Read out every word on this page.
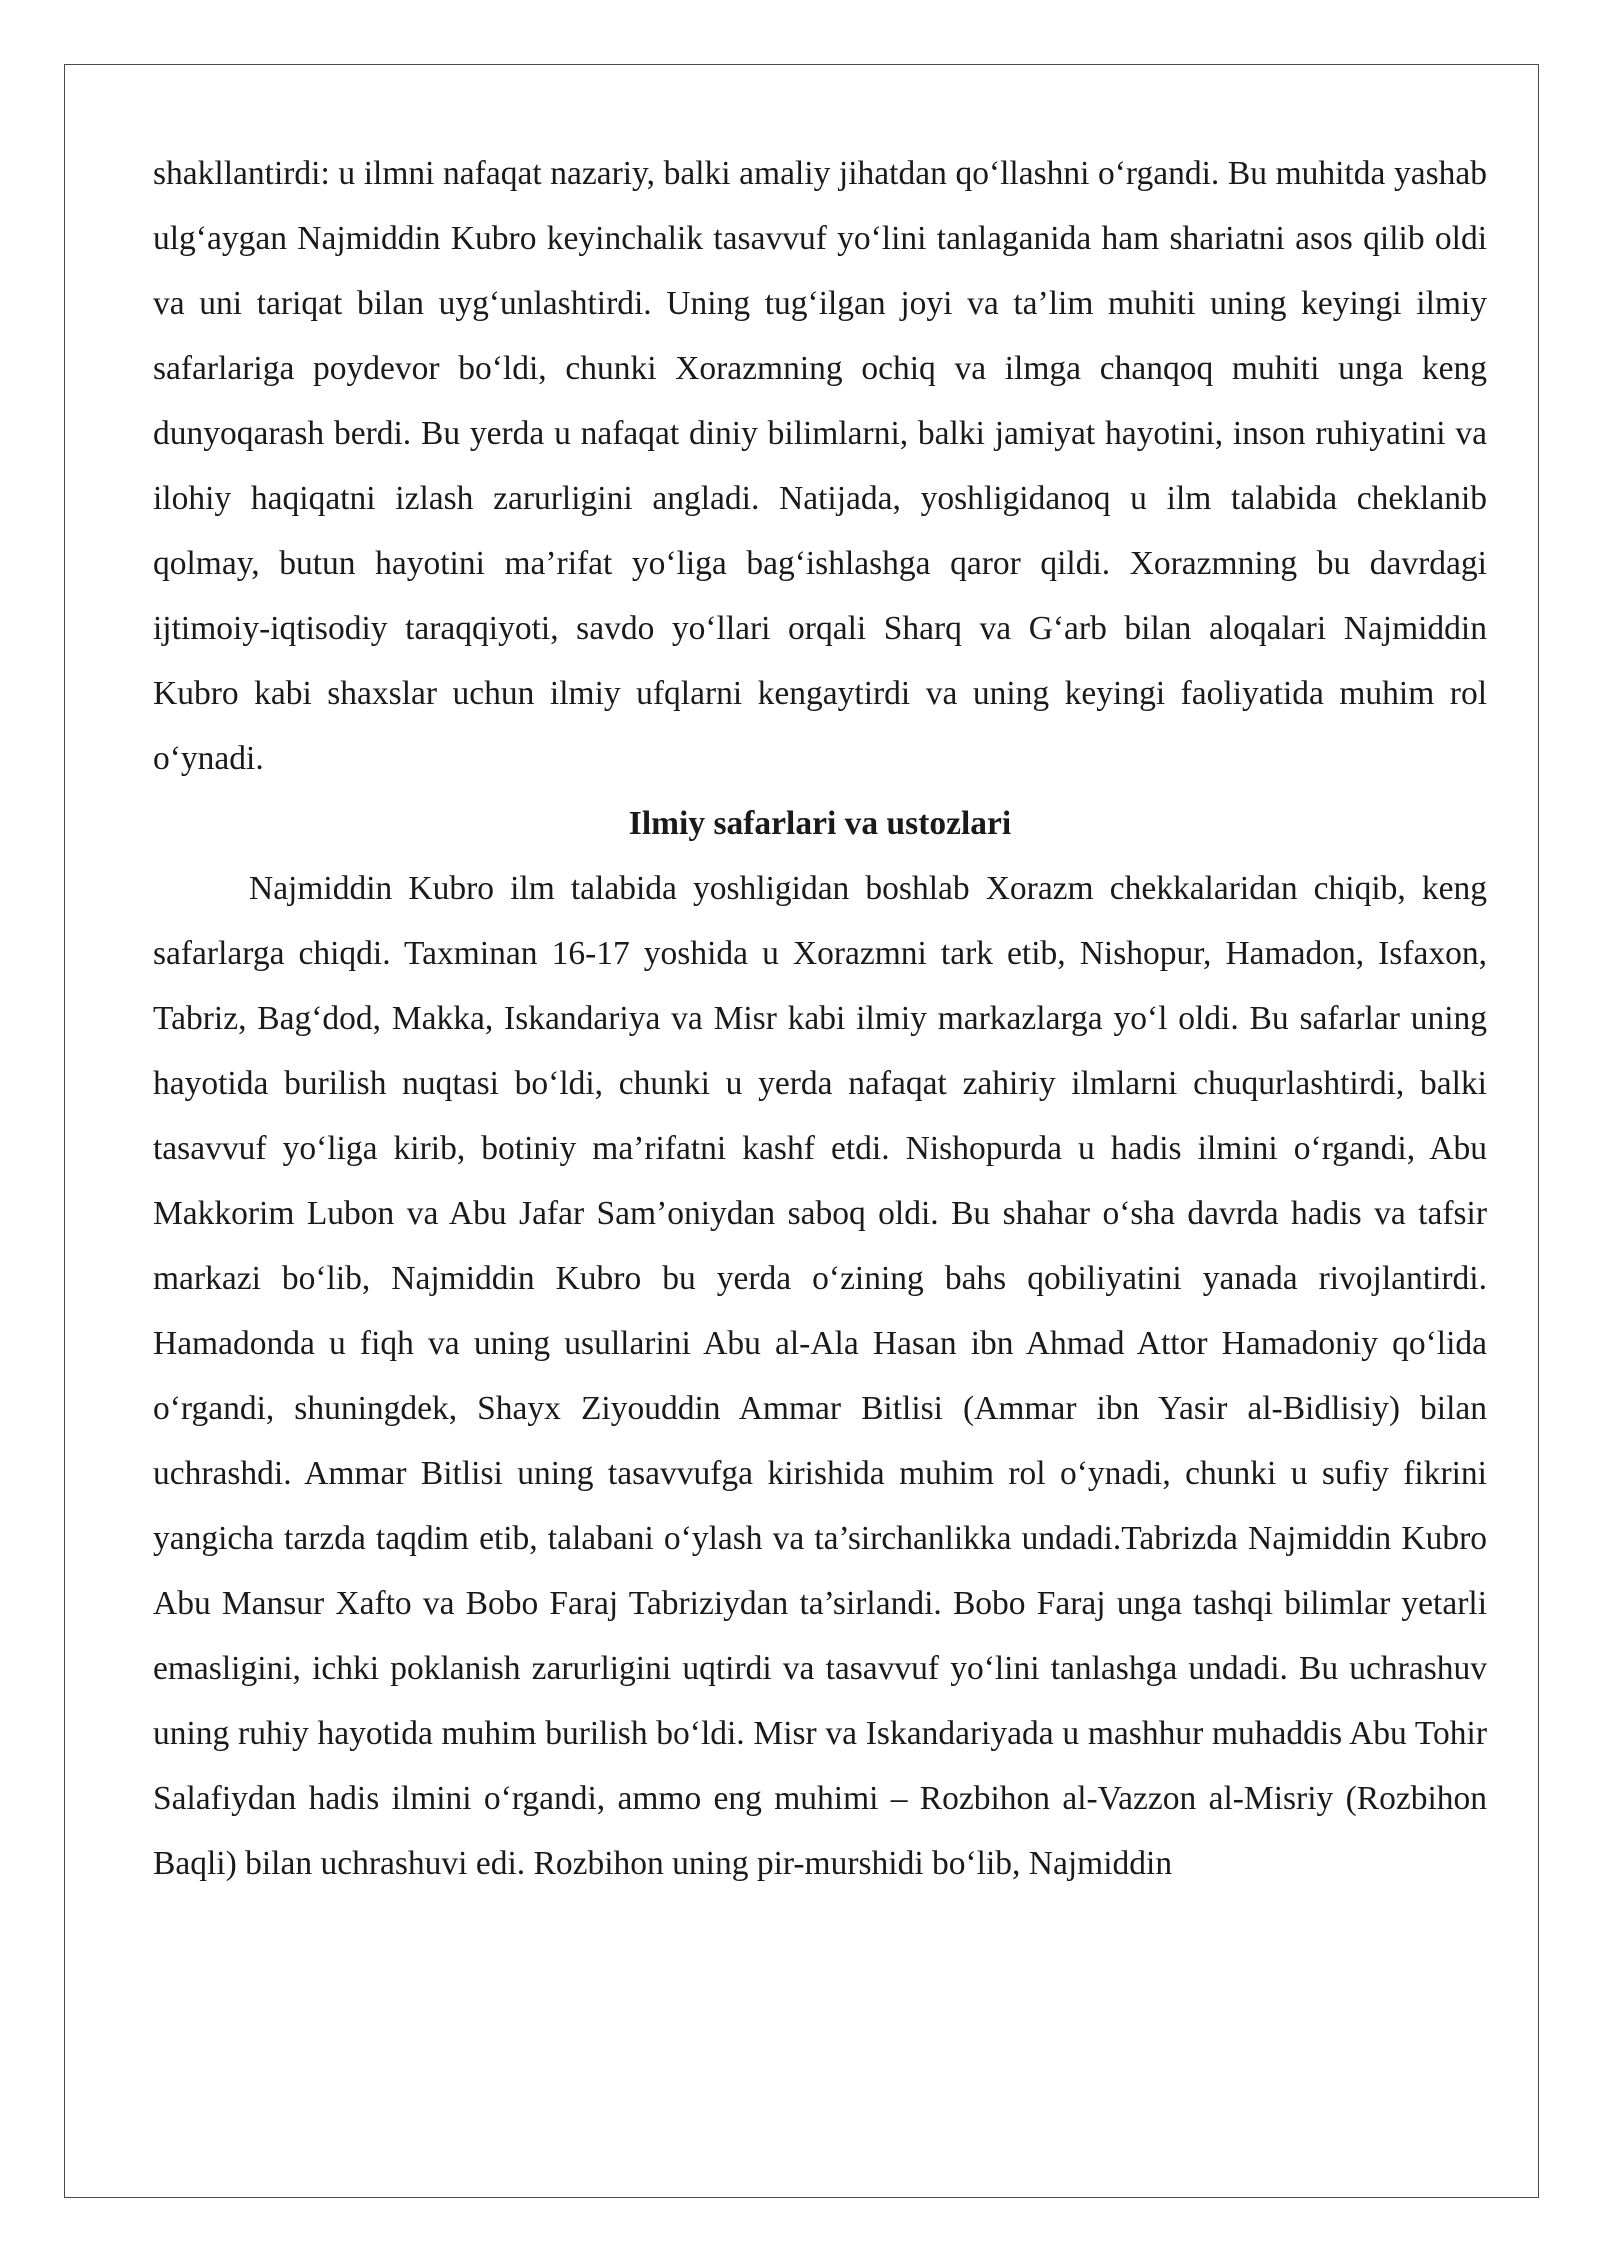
shakllantirdi: u ilmni nafaqat nazariy, balki amaliy jihatdan qo‘llashni o‘rgandi. Bu muhitda yashab ulg‘aygan Najmiddin Kubro keyinchalik tasavvuf yo‘lini tanlaganida ham shariatni asos qilib oldi va uni tariqat bilan uyg‘unlashtirdi. Uning tug‘ilgan joyi va ta’lim muhiti uning keyingi ilmiy safarlariga poydevor bo‘ldi, chunki Xorazmning ochiq va ilmga chanqoq muhiti unga keng dunyoqarash berdi. Bu yerda u nafaqat diniy bilimlarni, balki jamiyat hayotini, inson ruhiyatini va ilohiy haqiqatni izlash zarurligini angladi. Natijada, yoshligidanoq u ilm talabida cheklanib qolmay, butun hayotini ma’rifat yo‘liga bag‘ishlashga qaror qildi. Xorazmning bu davrdagi ijtimoiy-iqtisodiy taraqqiyoti, savdo yo‘llari orqali Sharq va G‘arb bilan aloqalari Najmiddin Kubro kabi shaxslar uchun ilmiy ufqlarni kengaytirdi va uning keyingi faoliyatida muhim rol o‘ynadi.

Ilmiy safarlari va ustozlari

Najmiddin Kubro ilm talabida yoshligidan boshlab Xorazm chekkalaridan chiqib, keng safarlarga chiqdi. Taxminan 16-17 yoshida u Xorazmni tark etib, Nishopur, Hamadon, Isfaxon, Tabriz, Bag‘dod, Makka, Iskandariya va Misr kabi ilmiy markazlarga yo‘l oldi. Bu safarlar uning hayotida burilish nuqtasi bo‘ldi, chunki u yerda nafaqat zahiriy ilmlarni chuqurlashtirdi, balki tasavvuf yo‘liga kirib, botiniy ma’rifatni kashf etdi. Nishopurda u hadis ilmini o‘rgandi, Abu Makkorim Lubon va Abu Jafar Sam’oniydan saboq oldi. Bu shahar o‘sha davrda hadis va tafsir markazi bo‘lib, Najmiddin Kubro bu yerda o‘zining bahs qobiliyatini yanada rivojlantirdi. Hamadonda u fiqh va uning usullarini Abu al-Ala Hasan ibn Ahmad Attor Hamadoniy qo‘lida o‘rgandi, shuningdek, Shayx Ziyouddin Ammar Bitlisi (Ammar ibn Yasir al-Bidlisiy) bilan uchrashdi. Ammar Bitlisi uning tasavvufga kirishida muhim rol o‘ynadi, chunki u sufiy fikrini yangicha tarzda taqdim etib, talabani o‘ylash va ta’sirchanlikka undadi.Tabrizda Najmiddin Kubro Abu Mansur Xafto va Bobo Faraj Tabriziydan ta’sirlandi. Bobo Faraj unga tashqi bilimlar yetarli emasligini, ichki poklanish zarurligini uqtirdi va tasavvuf yo‘lini tanlashga undadi. Bu uchrashuv uning ruhiy hayotida muhim burilish bo‘ldi. Misr va Iskandariyada u mashhur muhaddis Abu Tohir Salafiydan hadis ilmini o‘rgandi, ammo eng muhimi – Rozbihon al-Vazzon al-Misriy (Rozbihon Baqli) bilan uchrashuvi edi. Rozbihon uning pir-murshidi bo‘lib, Najmiddin
